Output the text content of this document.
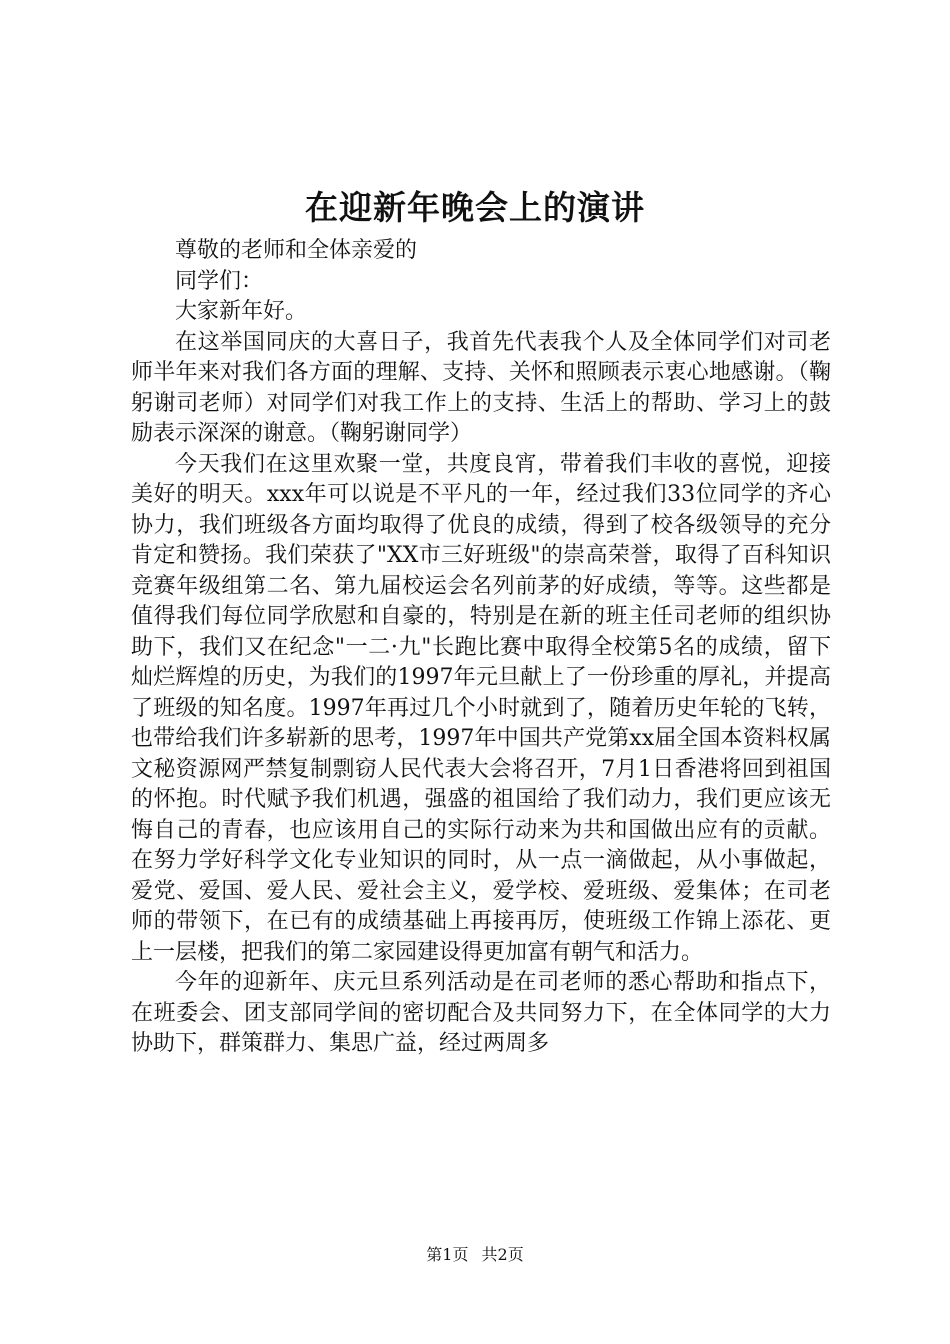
在迎新年晚会上的演讲

尊敬的老师和全体亲爱的

同学们：

大家新年好。

在这举国同庆的大喜日子，我首先代表我个人及全体同学们对司老师半年来对我们各方面的理解、支持、关怀和照顾表示衷心地感谢。（鞠躬谢司老师）对同学们对我工作上的支持、生活上的帮助、学习上的鼓励表示深深的谢意。（鞠躬谢同学）

今天我们在这里欢聚一堂，共度良宵，带着我们丰收的喜悦，迎接美好的明天。xxx年可以说是不平凡的一年，经过我们33位同学的齐心协力，我们班级各方面均取得了优良的成绩，得到了校各级领导的充分肯定和赞扬。我们荣获了"XX市三好班级"的崇高荣誉，取得了百科知识竞赛年级组第二名、第九届校运会名列前茅的好成绩，等等。这些都是值得我们每位同学欣慰和自豪的，特别是在新的班主任司老师的组织协助下，我们又在纪念"一二·九"长跑比赛中取得全校第5名的成绩，留下灿烂辉煌的历史，为我们的1997年元旦献上了一份珍重的厚礼，并提高了班级的知名度。1997年再过几个小时就到了，随着历史年轮的飞转，也带给我们许多崭新的思考，1997年中国共产党第xx届全国本资料权属文秘资源网严禁复制剽窃人民代表大会将召开，7月1日香港将回到祖国的怀抱。时代赋予我们机遇，强盛的祖国给了我们动力，我们更应该无悔自己的青春，也应该用自己的实际行动来为共和国做出应有的贡献。在努力学好科学文化专业知识的同时，从一点一滴做起，从小事做起，爱党、爱国、爱人民、爱社会主义，爱学校、爱班级、爱集体；在司老师的带领下，在已有的成绩基础上再接再厉，使班级工作锦上添花、更上一层楼，把我们的第二家园建设得更加富有朝气和活力。

今年的迎新年、庆元旦系列活动是在司老师的悉心帮助和指点下，在班委会、团支部同学间的密切配合及共同努力下，在全体同学的大力协助下，群策群力、集思广益，经过两周多

第1页 共2页
